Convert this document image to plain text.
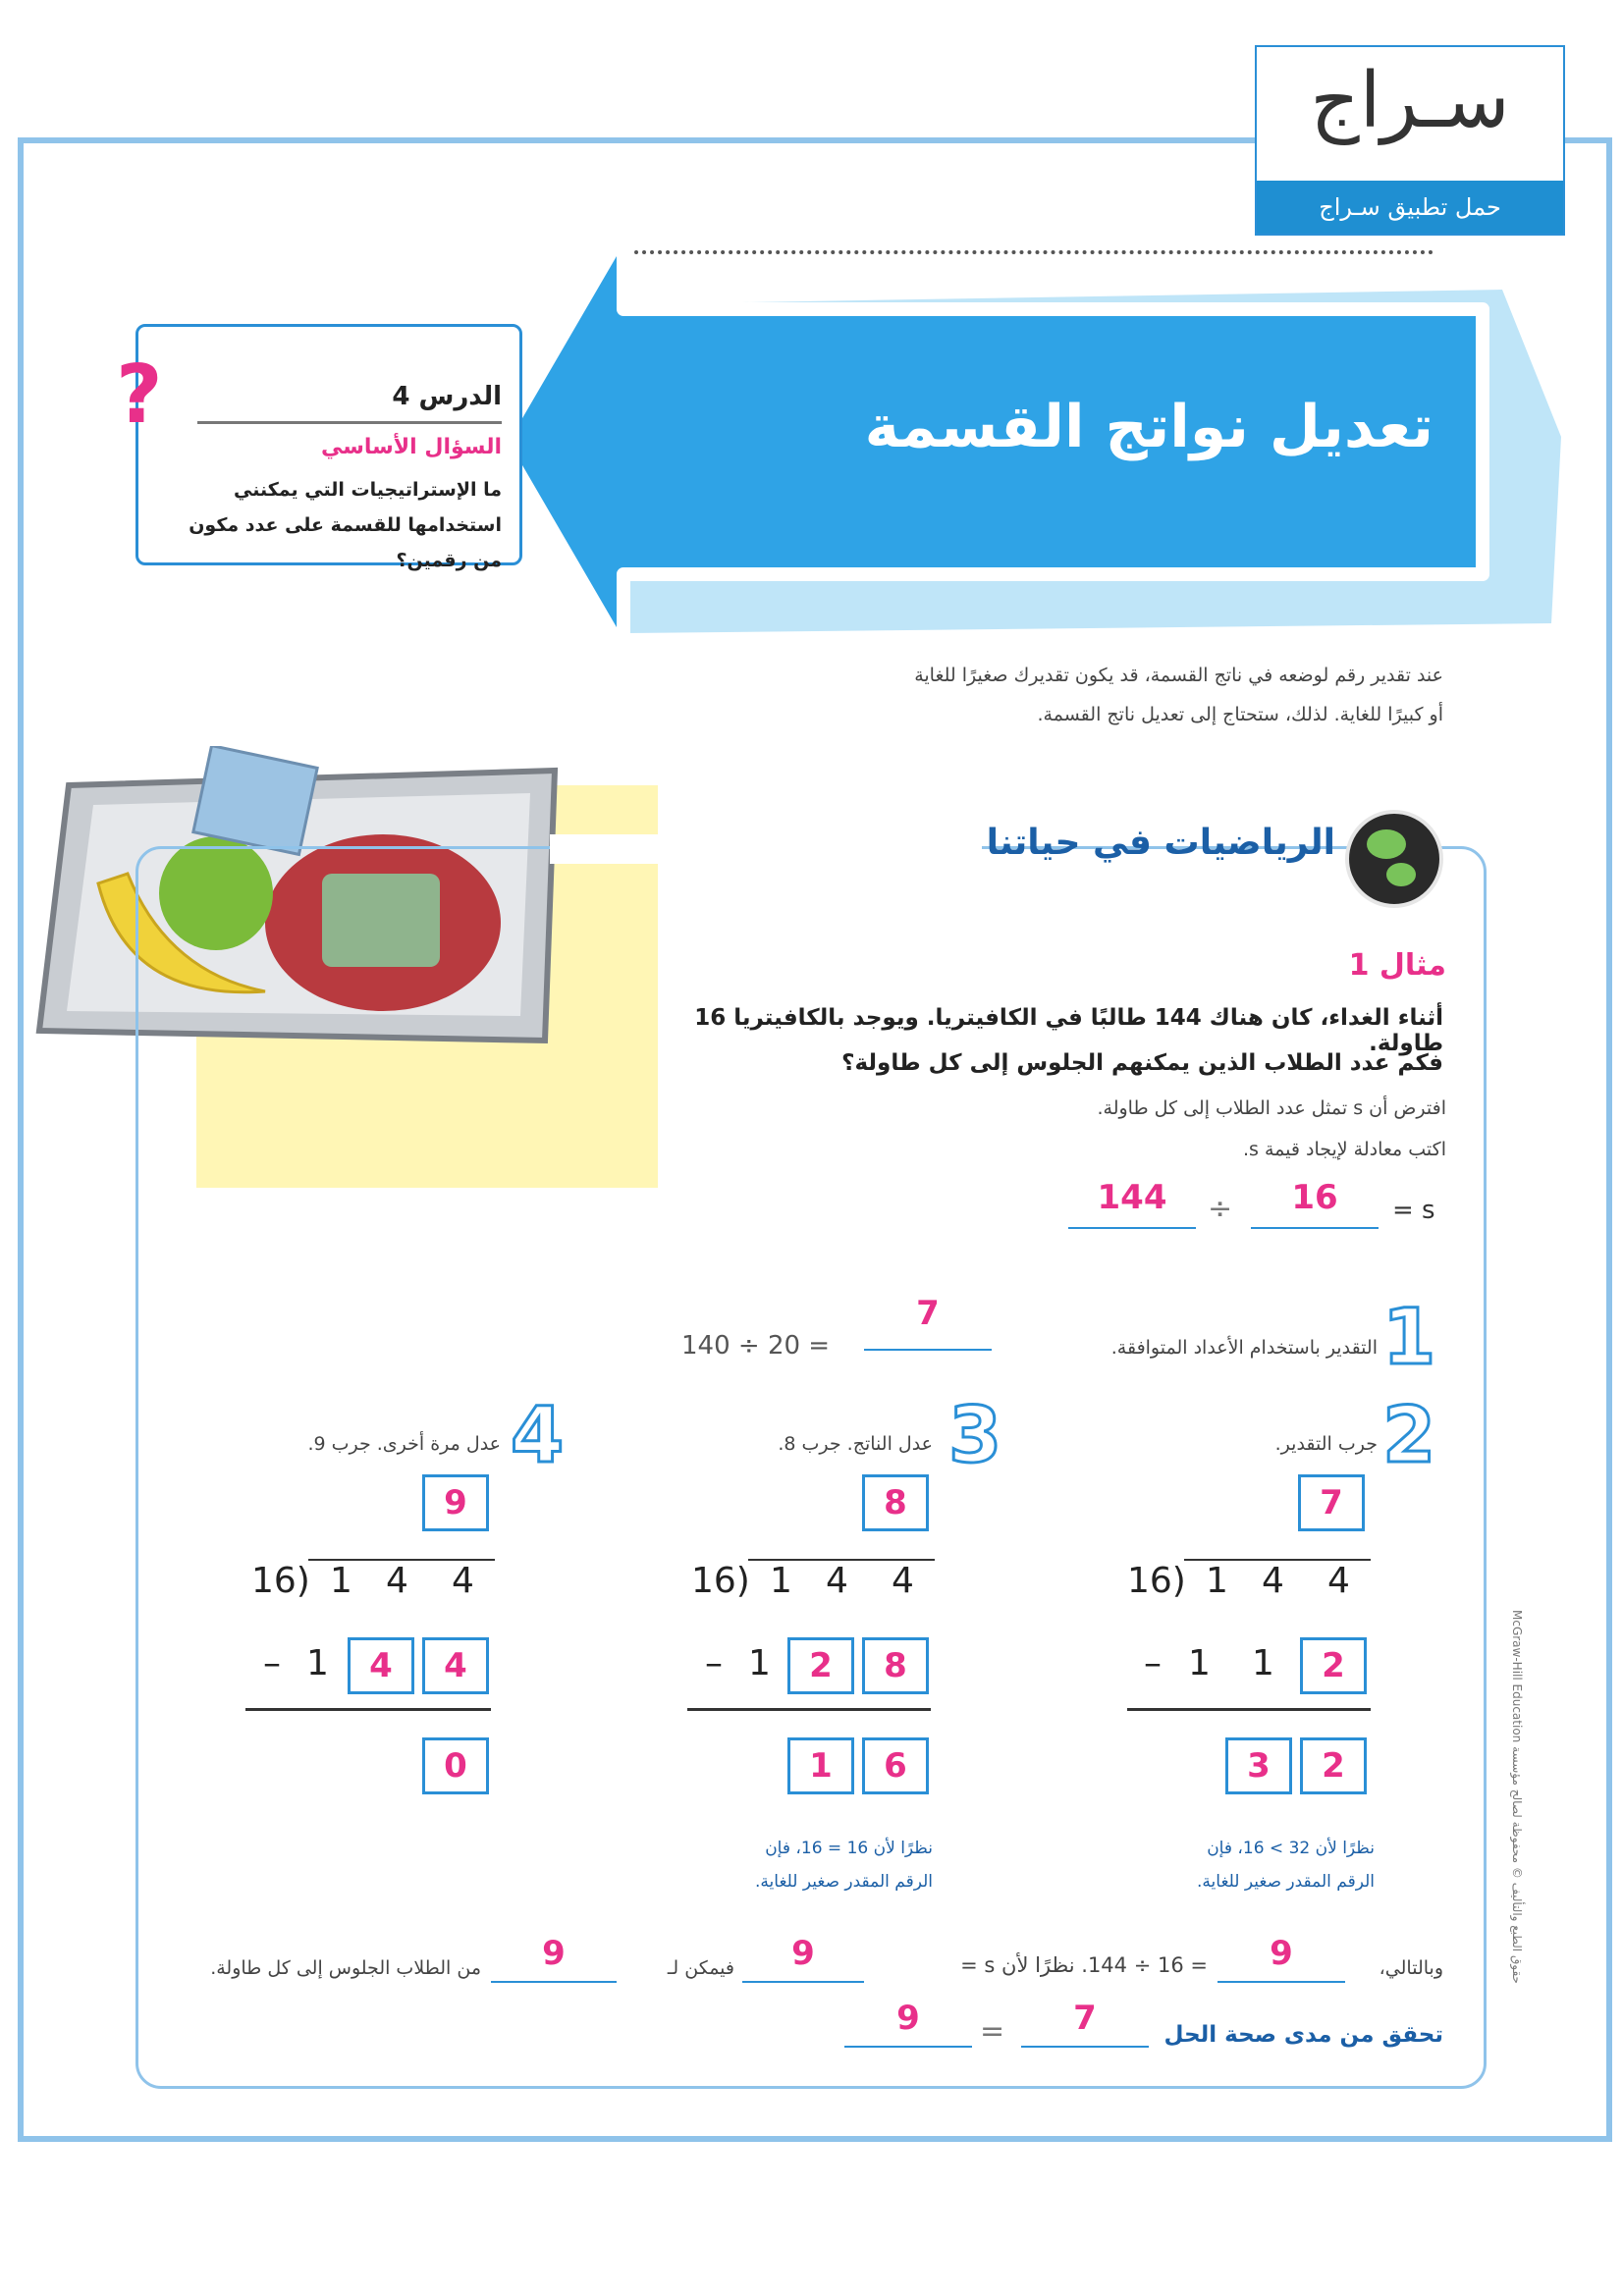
سـراج
حمل تطبيق سـراج
تعديل نواتج القسمة
الدرس 4
السؤال الأساسي
ما الإستراتيجيات التي يمكنني استخدامها للقسمة على عدد مكون من رقمين؟
?
عند تقدير رقم لوضعه في ناتج القسمة، قد يكون تقديرك صغيرًا للغاية أو كبيرًا للغاية. لذلك، ستحتاج إلى تعديل ناتج القسمة.
الرياضيات في حياتنا
مثال 1
أثناء الغداء، كان هناك 144 طالبًا في الكافيتريا. ويوجد بالكافيتريا 16 طاولة.
فكم عدد الطلاب الذين يمكنهم الجلوس إلى كل طاولة؟
افترض أن s تمثل عدد الطلاب إلى كل طاولة.
اكتب معادلة لإيجاد قيمة s.
= s
16
÷
144
1
التقدير باستخدام الأعداد المتوافقة.
7
140 ÷ 20 =
2
جرب التقدير.
3
عدل الناتج. جرب 8.
4
عدل مرة أخرى. جرب 9.
7
16) 1 4 4
– 1 1	2
3	2
نظرًا لأن 32 > 16، فإن
الرقم المقدر صغير للغاية.
8
16) 1 4 4
– 1	2	8
1	6
نظرًا لأن 16 = 16، فإن
الرقم المقدر صغير للغاية.
9
16) 1 4 4
– 1	4	4
0
وبالتالي،
9
= 16 ÷ 144. نظرًا لأن s =
9
فيمكن لـ
9
من الطلاب الجلوس إلى كل طاولة.
تحقق من مدى صحة الحل
7
=
9
حقوق الطبع والتأليف © محفوظة لصالح مؤسسة McGraw-Hill Education
